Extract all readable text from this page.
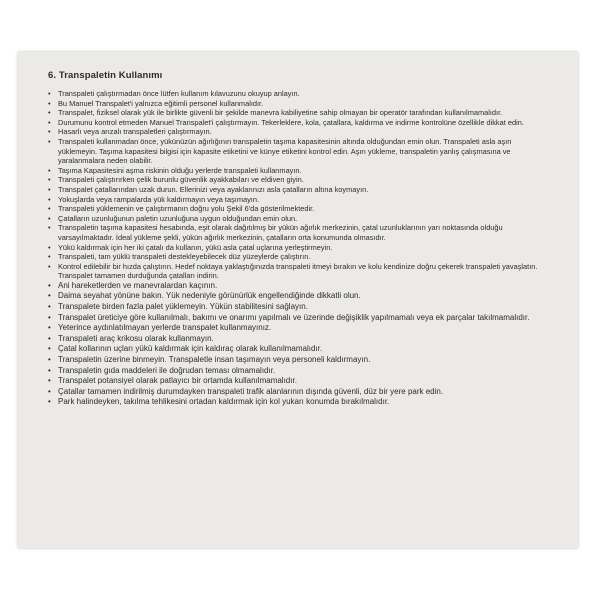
6. Transpaletin Kullanımı
• Transpaleti çalıştırmadan önce lütfen kullanım kılavuzunu okuyup anlayın.
• Bu Manuel Transpalet'i yalnızca eğitimli personel kullanmalıdır.
• Transpalet, fiziksel olarak yük ile birlikte güvenli bir şekilde manevra kabiliyetine sahip olmayan bir operatör tarafından kullanılmamalıdır.
• Durumunu kontrol etmeden Manuel Transpalet'i çalıştırmayın. Tekerleklere, kola, çatallara, kaldırma ve indirme kontrolüne özellikle dikkat edin.
• Hasarlı veya arızalı transpaletleri çalıştırmayın.
• Transpaleti kullanmadan önce, yükünüzün ağırlığının transpaletin taşıma kapasitesinin altında olduğundan emin olun. Transpaleti asla aşırı yüklemeyin. Taşıma kapasitesi bilgisi için kapasite etiketini ve künye etiketini kontrol edin. Aşırı yükleme, transpaletin yanlış çalışmasına ve yaralanmalara neden olabilir.
• Taşıma Kapasitesini aşma riskinin olduğu yerlerde transpaleti kullanmayın.
• Transpaleti çalıştırırken çelik burunlu güvenlik ayakkabıları ve eldiven giyin.
• Transpalet çatallarından uzak durun. Ellerinizi veya ayaklarınızı asla çatalların altına koymayın.
• Yokuşlarda veya rampalarda yük kaldırmayın veya taşımayın.
• Transpaleti yüklemenin ve çalıştırmanın doğru yolu Şekil 6'da gösterilmektedir.
• Çatalların uzunluğunun paletin uzunluğuna uygun olduğundan emin olun.
• Transpaletin taşıma kapasitesi hesabında, eşit olarak dağıtılmış bir yükün ağırlık merkezinin, çatal uzunluklarının yarı noktasında olduğu varsayılmaktadır. İdeal yükleme şekli, yükün ağırlık merkezinin, çatalların orta konumunda olmasıdır.
• Yükü kaldırmak için her iki çatalı da kullanın, yükü asla çatal uçlarına yerleştirmeyin.
• Transpaleti, tam yüklü transpaleti destekleyebilecek düz yüzeylerde çalıştırın.
• Kontrol edilebilir bir hızda çalıştırın. Hedef noktaya yaklaştığınızda transpaleti itmeyi bırakın ve kolu kendinize doğru çekerek transpaleti yavaşlatın. Transpalet tamamen durduğunda çatalları indirin.
• Ani hareketlerden ve manevralardan kaçının.
• Daima seyahat yönüne bakın. Yük nedeniyle görünürlük engellendiğinde dikkatli olun.
• Transpalete birden fazla palet yüklemeyin. Yükün stabilitesini sağlayın.
• Transpalet üreticiye göre kullanılmalı, bakımı ve onarımı yapılmalı ve üzerinde değişiklik yapılmamalı veya ek parçalar takılmamalıdır.
• Yeterince aydınlatılmayan yerlerde transpalet kullanmayınız.
• Transpaleti araç krikosu olarak kullanmayın.
• Çatal kollarının uçları yükü kaldırmak için kaldıraç olarak kullanılmamalıdır.
• Transpaletin üzerine binmeyin. Transpaletle insan taşımayın veya personeli kaldırmayın.
• Transpaletin gıda maddeleri ile doğrudan teması olmamalıdır.
• Transpalet potansiyel olarak patlayıcı bir ortamda kullanılmamalıdır.
• Çatallar tamamen indirilmiş durumdayken transpaleti trafik alanlarının dışında güvenli, düz bir yere park edin.
• Park halindeyken, takılma tehlikesini ortadan kaldırmak için kol yukarı konumda bırakılmalıdır.
